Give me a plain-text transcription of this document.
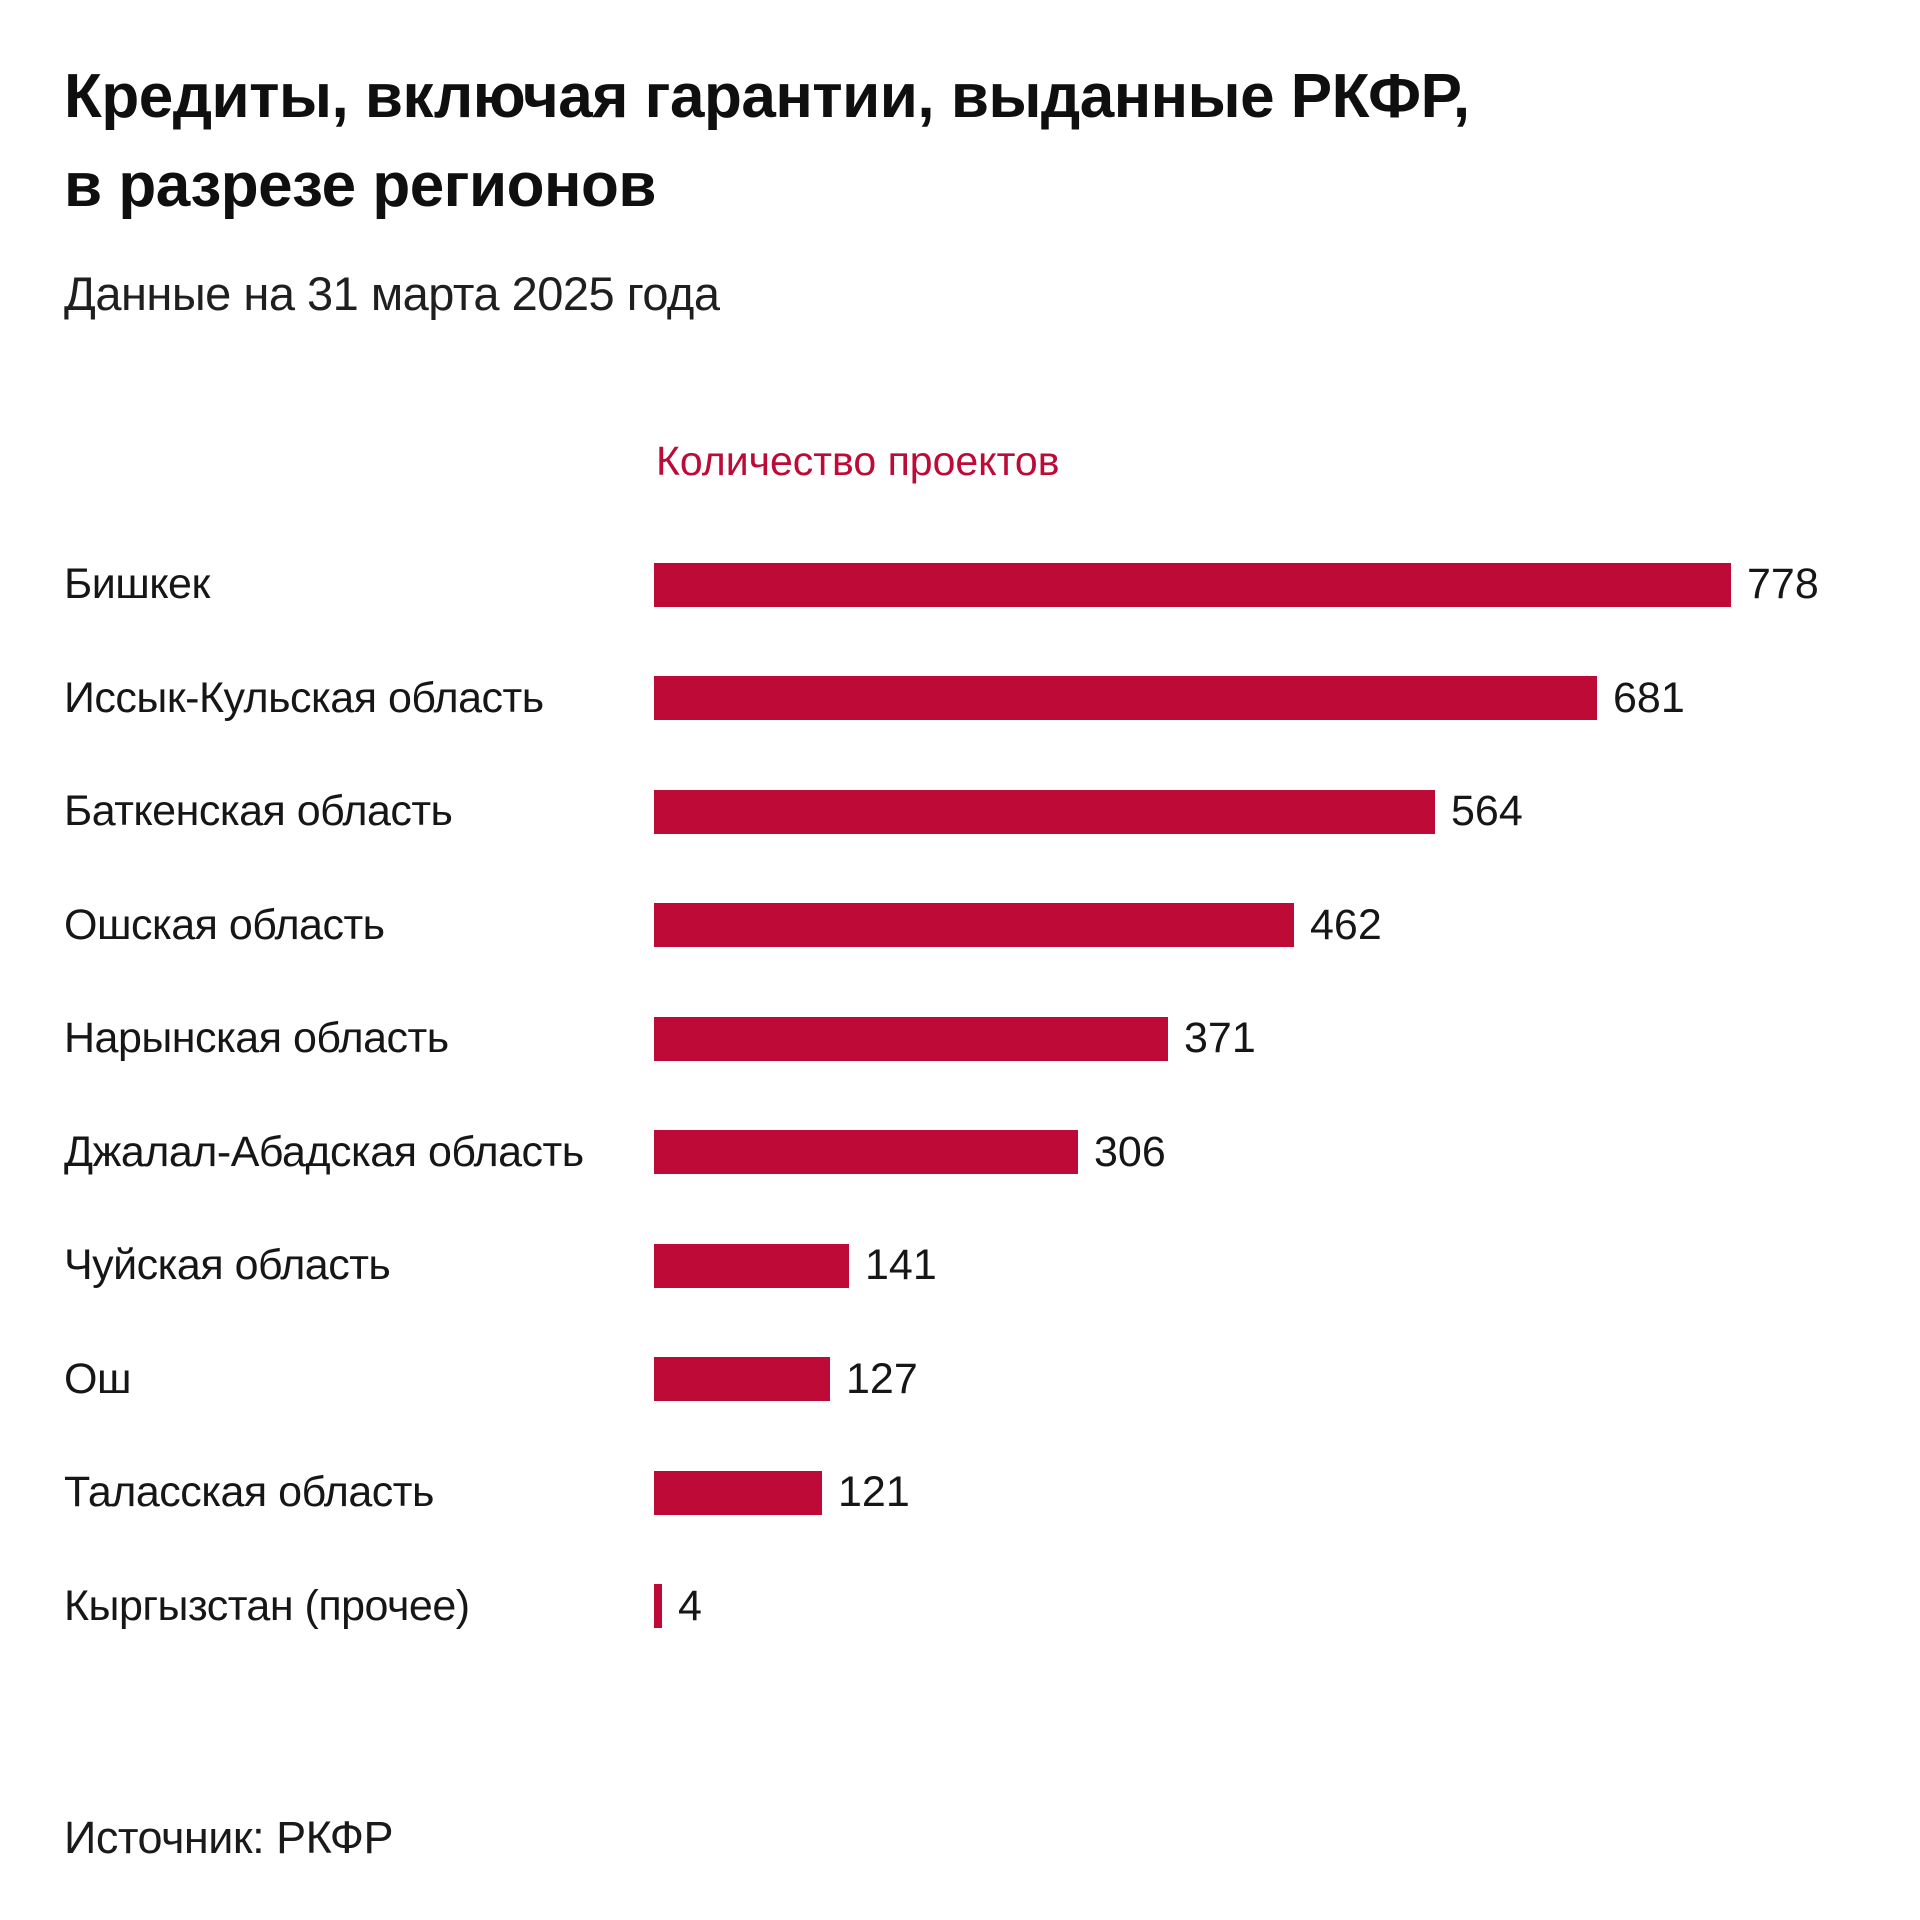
Кредиты, включая гарантии, выданные РКФР,
в разрезе регионов
Данные на 31 марта 2025 года
Количество проектов
Бишкек	778
Иссык-Кульская область	681
Баткенская область	564
Ошская область	462
Нарынская область	371
Джалал-Абадская область	306
Чуйская область	141
Ош	127
Таласская область	121
Кыргызстан (прочее)	4
Источник: РКФР
